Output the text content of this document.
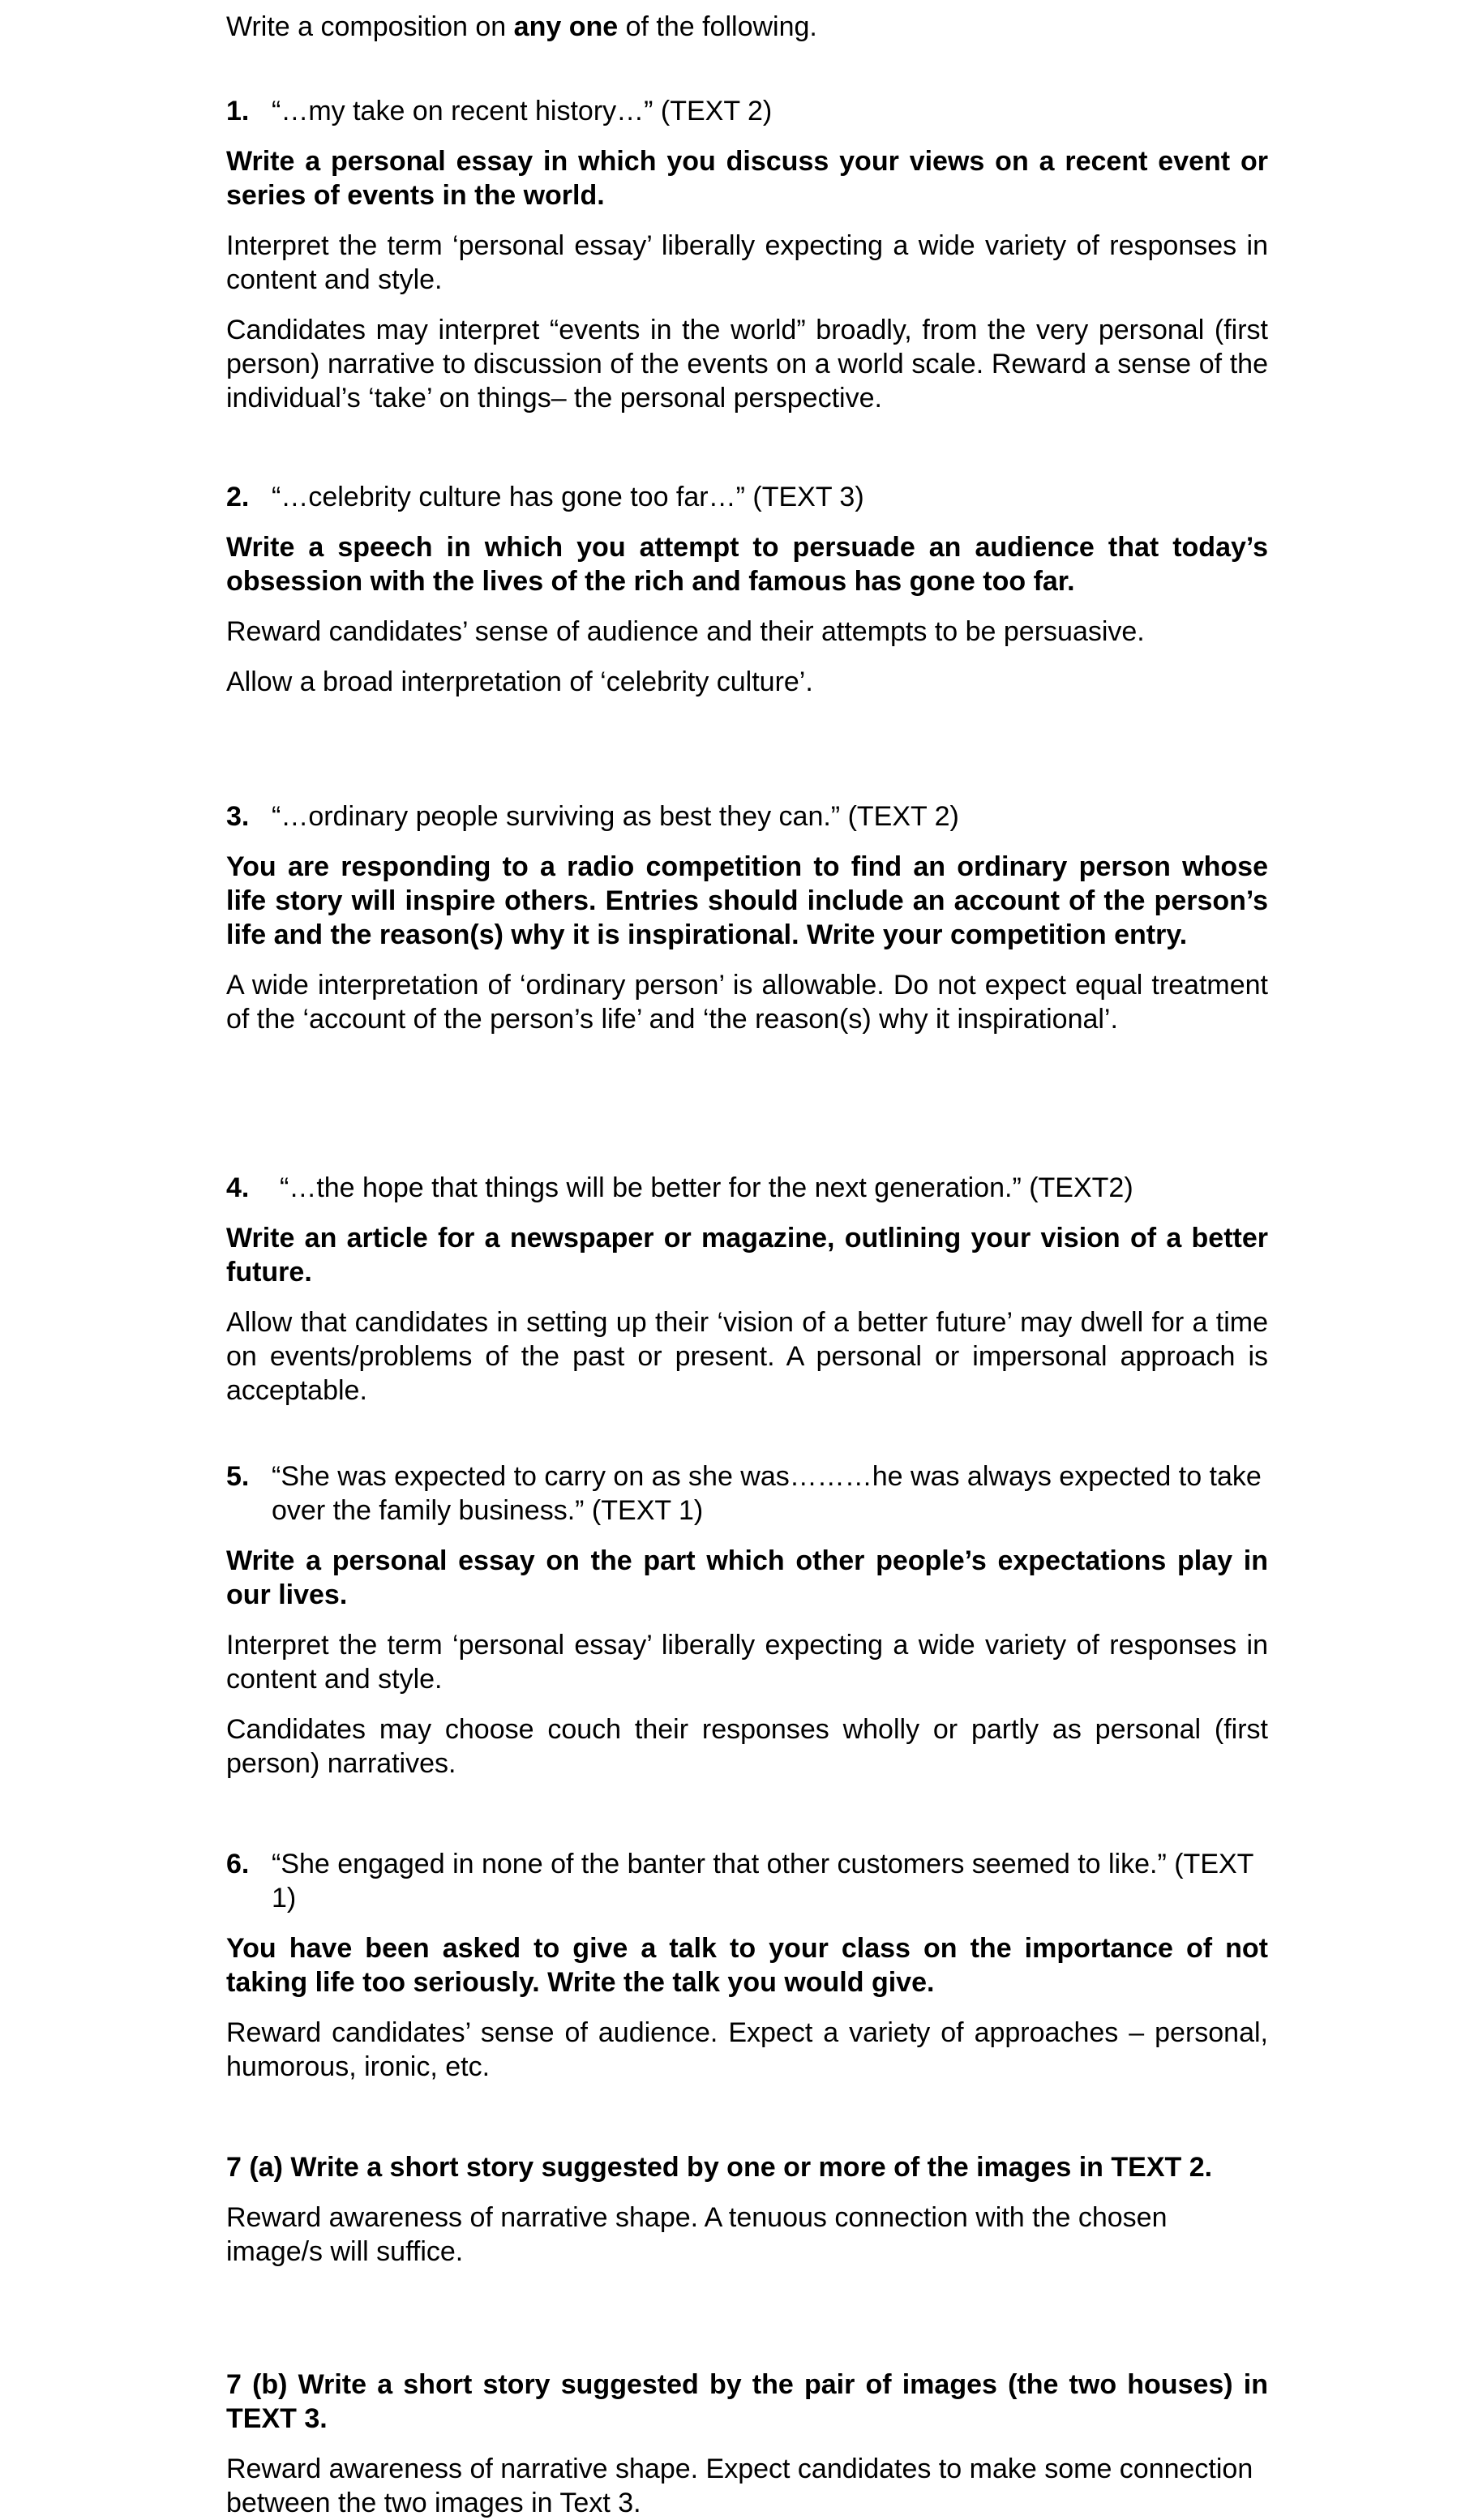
Write a composition on any one of the following.

1. “…my take on recent history…” (TEXT 2)

Write a personal essay in which you discuss your views on a recent event or series of events in the world.

Interpret the term ‘personal essay’ liberally expecting a wide variety of responses in content and style.

Candidates may interpret “events in the world” broadly, from the very personal (first person) narrative to discussion of the events on a world scale. Reward a sense of the individual’s ‘take’ on things– the personal perspective.

2. “…celebrity culture has gone too far…” (TEXT 3)

Write a speech in which you attempt to persuade an audience that today’s obsession with the lives of the rich and famous has gone too far.

Reward candidates’ sense of audience and their attempts to be persuasive.

Allow a broad interpretation of ‘celebrity culture’.

3. “…ordinary people surviving as best they can.” (TEXT 2)

You are responding to a radio competition to find an ordinary person whose life story will inspire others. Entries should include an account of the person’s life and the reason(s) why it is inspirational. Write your competition entry.

A wide interpretation of ‘ordinary person’ is allowable. Do not expect equal treatment of the ‘account of the person’s life’ and ‘the reason(s) why it inspirational’.

4. “…the hope that things will be better for the next generation.” (TEXT2)

Write an article for a newspaper or magazine, outlining your vision of a better future.

Allow that candidates in setting up their ‘vision of a better future’ may dwell for a time on events/problems of the past or present. A personal or impersonal approach is acceptable.

5. “She was expected to carry on as she was………he was always expected to take over the family business.” (TEXT 1)

Write a personal essay on the part which other people’s expectations play in our lives.

Interpret the term ‘personal essay’ liberally expecting a wide variety of responses in content and style.

Candidates may choose couch their responses wholly or partly as personal (first person) narratives.

6. “She engaged in none of the banter that other customers seemed to like.” (TEXT 1)

You have been asked to give a talk to your class on the importance of not taking life too seriously. Write the talk you would give.

Reward candidates’ sense of audience. Expect a variety of approaches – personal, humorous, ironic, etc.

7 (a) Write a short story suggested by one or more of the images in TEXT 2.

Reward awareness of narrative shape. A tenuous connection with the chosen image/s will suffice.

7 (b) Write a short story suggested by the pair of images (the two houses) in TEXT 3.

Reward awareness of narrative shape. Expect candidates to make some connection between the two images in Text 3.
